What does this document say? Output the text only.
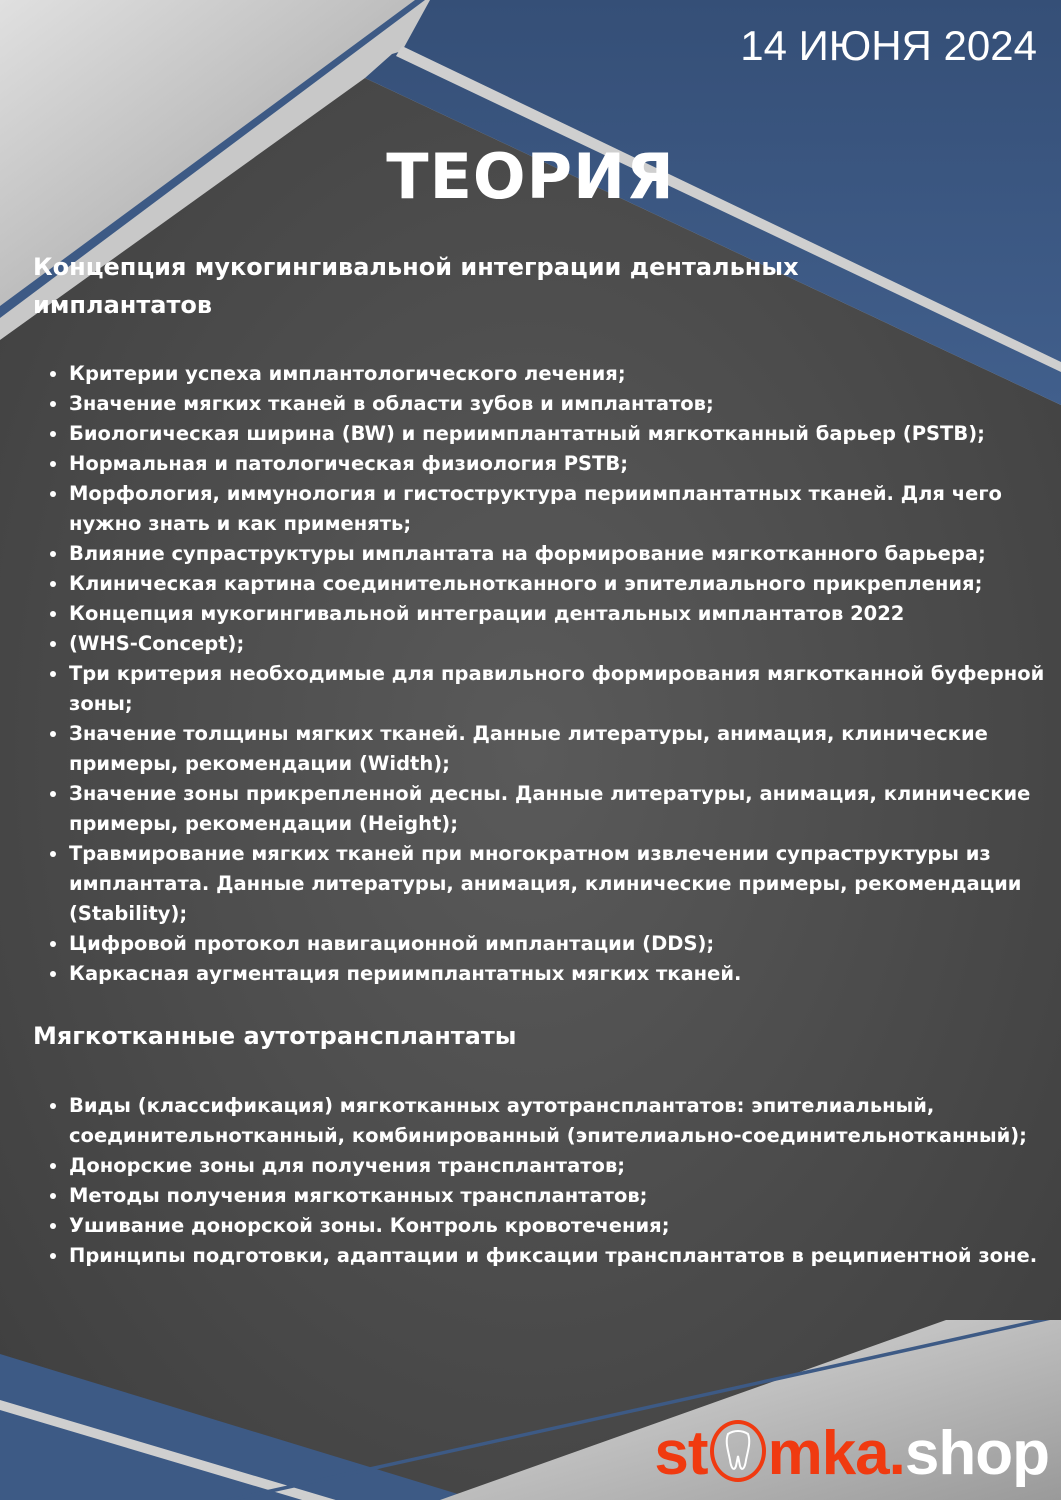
14 ИЮНЯ 2024
ТЕОРИЯ
Концепция мукогингивальной интеграции дентальных имплантатов
• Критерии успеха имплантологического лечения;
• Значение мягких тканей в области зубов и имплантатов;
• Биологическая ширина (BW) и периимплантатный мягкотканный барьер (PSTB);
• Нормальная и патологическая физиология PSTB;
• Морфология, иммунология и гистоструктура периимплантатных тканей. Для чего нужно знать и как применять;
• Влияние супраструктуры имплантата на формирование мягкотканного барьера;
• Клиническая картина соединительнотканного и эпителиального прикрепления;
• Концепция мукогингивальной интеграции дентальных имплантатов 2022
• (WHS-Concept);
• Три критерия необходимые для правильного формирования мягкотканной буферной зоны;
• Значение толщины мягких тканей. Данные литературы, анимация, клинические примеры, рекомендации (Width);
• Значение зоны прикрепленной десны. Данные литературы, анимация, клинические примеры, рекомендации (Height);
• Травмирование мягких тканей при многократном извлечении супраструктуры из имплантата. Данные литературы, анимация, клинические примеры, рекомендации (Stability);
• Цифровой протокол навигационной имплантации (DDS);
• Каркасная аугментация периимплантатных мягких тканей.
Мягкотканные аутотрансплантаты
• Виды (классификация) мягкотканных аутотрансплантатов: эпителиальный, соединительнотканный, комбинированный (эпителиально-соединительнотканный);
• Донорские зоны для получения трансплантатов;
• Методы получения мягкотканных трансплантатов;
• Ушивание донорской зоны. Контроль кровотечения;
• Принципы подготовки, адаптации и фиксации трансплантатов в реципиентной зоне.
st mka.shop
